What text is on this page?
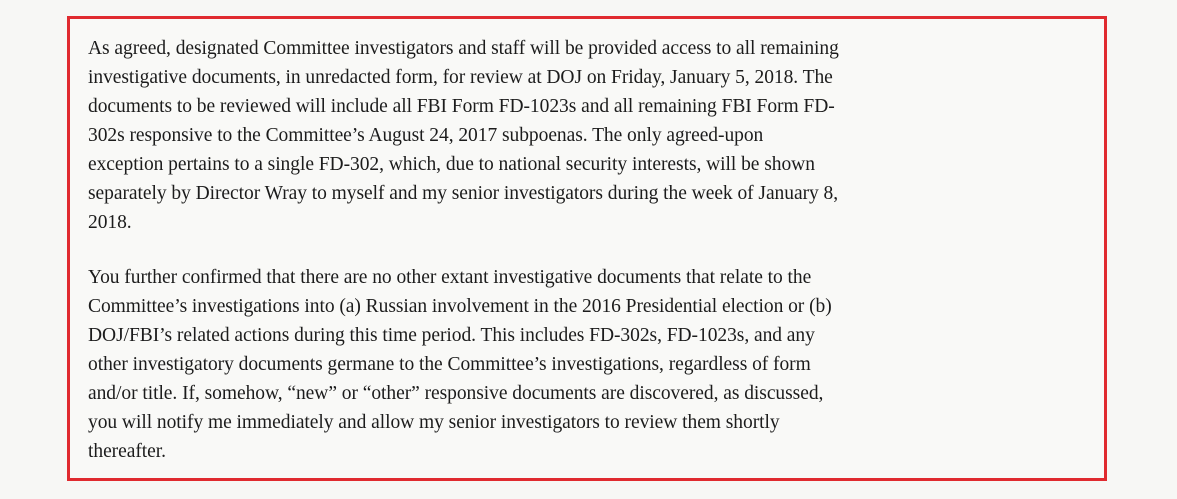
As agreed, designated Committee investigators and staff will be provided access to all remaining
investigative documents, in unredacted form, for review at DOJ on Friday, January 5, 2018. The
documents to be reviewed will include all FBI Form FD-1023s and all remaining FBI Form FD-
302s responsive to the Committee’s August 24, 2017 subpoenas. The only agreed-upon
exception pertains to a single FD-302, which, due to national security interests, will be shown
separately by Director Wray to myself and my senior investigators during the week of January 8,
2018.

You further confirmed that there are no other extant investigative documents that relate to the
Committee’s investigations into (a) Russian involvement in the 2016 Presidential election or (b)
DOJ/FBI’s related actions during this time period. This includes FD-302s, FD-1023s, and any
other investigatory documents germane to the Committee’s investigations, regardless of form
and/or title. If, somehow, “new” or “other” responsive documents are discovered, as discussed,
you will notify me immediately and allow my senior investigators to review them shortly
thereafter.
